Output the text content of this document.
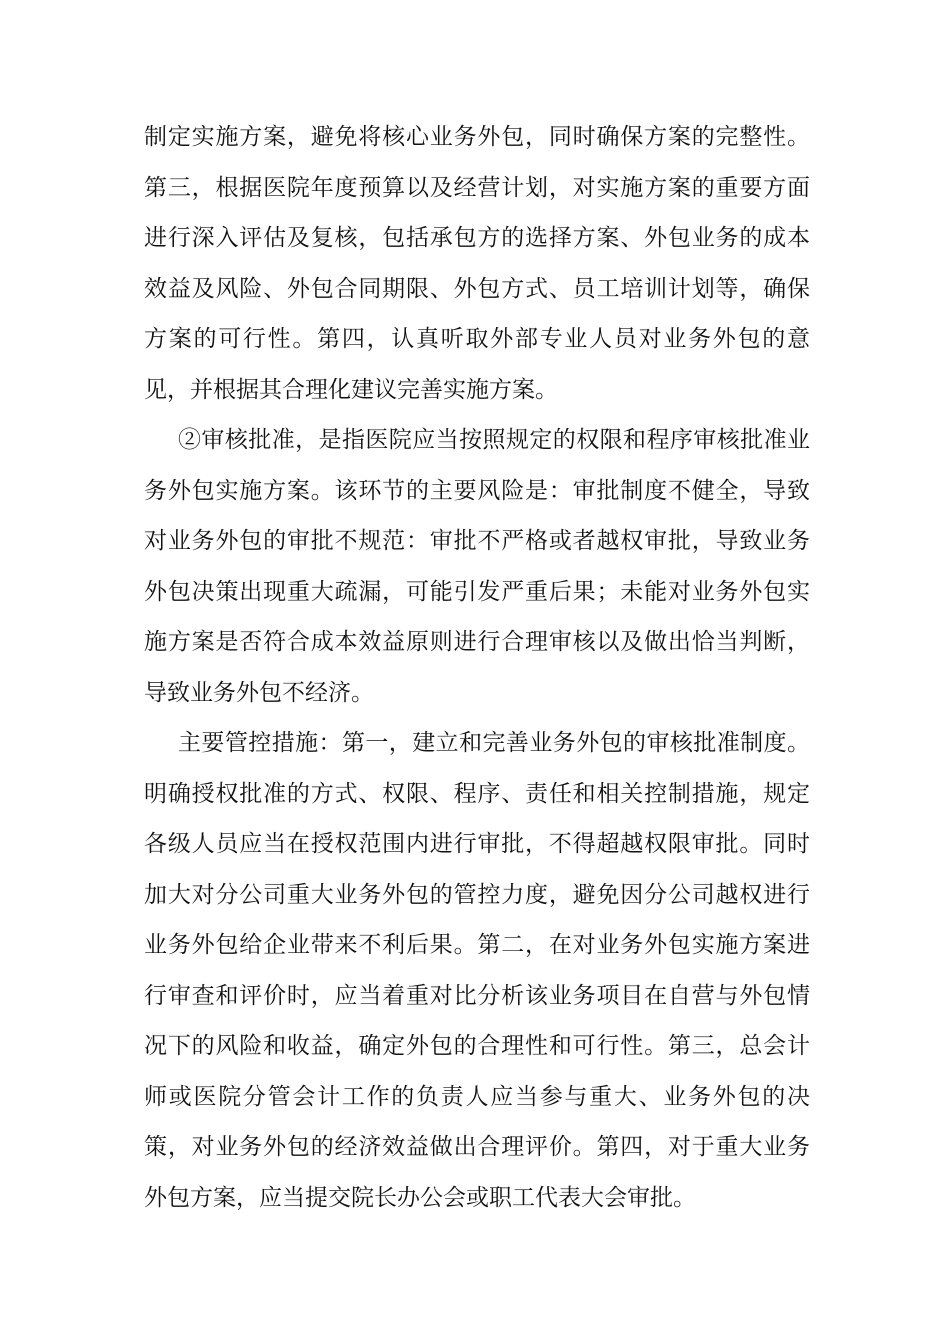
制定实施方案，避免将核心业务外包，同时确保方案的完整性。第三，根据医院年度预算以及经营计划，对实施方案的重要方面进行深入评估及复核，包括承包方的选择方案、外包业务的成本效益及风险、外包合同期限、外包方式、员工培训计划等，确保方案的可行性。第四，认真听取外部专业人员对业务外包的意见，并根据其合理化建议完善实施方案。

②审核批准，是指医院应当按照规定的权限和程序审核批准业务外包实施方案。该环节的主要风险是：审批制度不健全，导致对业务外包的审批不规范：审批不严格或者越权审批，导致业务外包决策出现重大疏漏，可能引发严重后果；未能对业务外包实施方案是否符合成本效益原则进行合理审核以及做出恰当判断，导致业务外包不经济。

主要管控措施：第一，建立和完善业务外包的审核批准制度。明确授权批准的方式、权限、程序、责任和相关控制措施，规定各级人员应当在授权范围内进行审批，不得超越权限审批。同时加大对分公司重大业务外包的管控力度，避免因分公司越权进行业务外包给企业带来不利后果。第二，在对业务外包实施方案进行审查和评价时，应当着重对比分析该业务项目在自营与外包情况下的风险和收益，确定外包的合理性和可行性。第三，总会计师或医院分管会计工作的负责人应当参与重大、业务外包的决策，对业务外包的经济效益做出合理评价。第四，对于重大业务外包方案，应当提交院长办公会或职工代表大会审批。
